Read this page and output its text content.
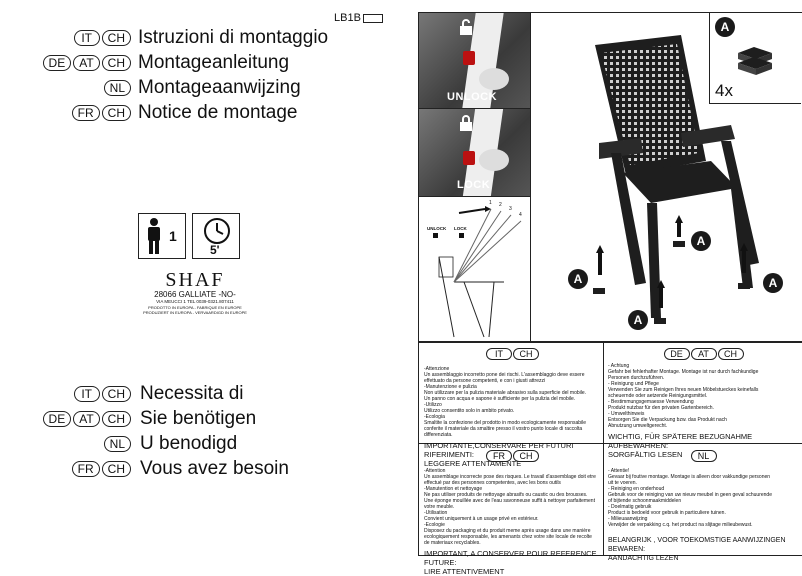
LB1B
IT	CH Istruzioni di montaggio
DE	AT	CH Montageanleitung
NL Montageaanwijzing
FR	CH Notice de montage
1
5'
SHAF
28066 GALLIATE -NO-
VIA MEUCCI 1 TEL 0039-0321.807411
PRODOTTO IN EUROPA - FABRIQUE EN EUROPE
PRODUZIERT IN EUROPA - VERVAARDIGD IN EUROPE
IT	CH Necessita di
DE	AT	CH Sie benötigen
NL U benodigd
FR	CH Vous avez besoin
UNLOCK
LOCK
1 2
3
4
UNLOCK LOCK
A
A
A
A
A
4x
IT CH
-Attenzione
Un assemblaggio incorretto pone dei rischi. L'assemblaggio deve essere
effettuato da persone competenti, e con i giusti attrezzi
-Manutenzione e pulizia
Non utilizzare per la pulizia materiale abrasivo sulla superficie del mobile.
Un panno con acqua e sapone è sufficiente per la pulizia del mobile.
-Utilizzo
Utilizzo consentito solo in ambito privato.
-Ecologia
Smaltite la confezione del prodotto in modo ecologicamente responsabile
conferite il materiale da smaltire presso il vostro punto locale di raccolta
differenziata.
IMPORTANTE,CONSERVARE PER FUTURI RIFERIMENTI:
LEGGERE ATTENTAMENTE
DE AT CH
- Achtung
Gefahr bei fehlerhafter Montage. Montage ist nur durch fachkundige
Personen durchzuführen.
- Reinigung und Pflege
Verwenden Sie zum Reinigen Ihres neuen Möbelstueckes keinefalls
scheuernde oder aetzende Reinigungsmittel.
- Bestimmungsgemaesse Verwendung
Produkt nutzbar für den privaten Gartenbereich.
- Umwelthinweis
Entsorgen Sie die Verpackung bzw. das Produkt nach
Abnutzung umweltgerecht.
WICHTIG, FÜR SPÄTERE BEZUGNAHME AUFBEWAHREN:
SORGFÄLTIG LESEN
FR CH
-Attention
Un assemblage incorrecte pose des risques. Le travail d'assemblage doit etre
effectué par des personnes competentes, avec les bons outils
-Manutention et nettoyage
Ne pas utiliser produits de nettoyage abrasifs ou caustic ou des brousses.
Une éponge mouillée avec de l'eau savonneuse suffit à nettoyer parfaitement
votre meuble.
-Utilisation
Convient uniquement à un usage privé en extérieur.
-Ecologie
Disposez du packaging et du produit meme après usage dans une manière
ecologiquement responsable, les amenants chez votre site locale de recolte
de materiaux recyclables.
IMPORTANT, A CONSERVER POUR REFERENCE FUTURE:
LIRE ATTENTIVEMENT
NL
- Attentie!
Gevaar bij foutive montage. Montage is alleen door vakkundige personen
uit te voeren.
- Reiniging en onderhoud
Gebruik voor de reiniging van uw nieuw meubel in geen geval schuurende
of bijtende schoonmaakmiddelen
- Doelmatig gebruik
Product is bedoeld voor gebruik in particuliere tuinen.
- Milieuaanwijzing
Verwijder de verpakking c.q. het product na slijtage milieubewust.
BELANGRIJK , VOOR TOEKOMSTIGE AANWIJZINGEN BEWAREN:
AANDACHTIG LEZEN
